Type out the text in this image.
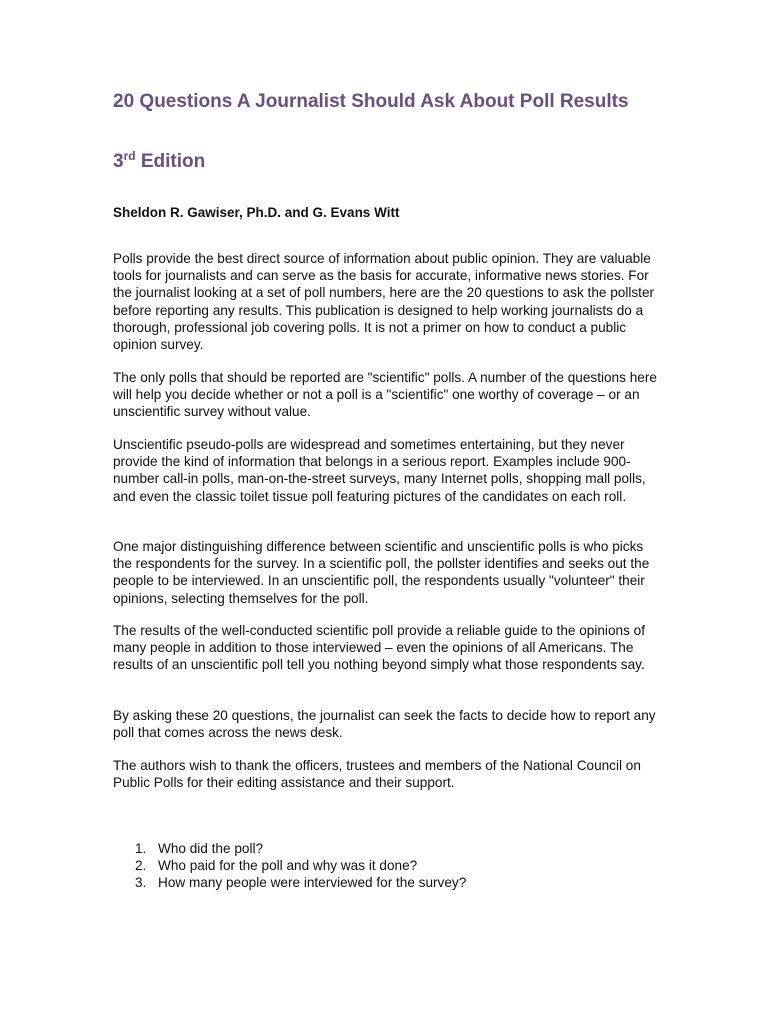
20 Questions A Journalist Should Ask About Poll Results
3rd Edition

Sheldon R. Gawiser, Ph.D. and G. Evans Witt

Polls provide the best direct source of information about public opinion. They are valuable tools for journalists and can serve as the basis for accurate, informative news stories. For the journalist looking at a set of poll numbers, here are the 20 questions to ask the pollster before reporting any results. This publication is designed to help working journalists do a thorough, professional job covering polls. It is not a primer on how to conduct a public opinion survey.

The only polls that should be reported are "scientific" polls. A number of the questions here will help you decide whether or not a poll is a "scientific" one worthy of coverage – or an unscientific survey without value.

Unscientific pseudo-polls are widespread and sometimes entertaining, but they never provide the kind of information that belongs in a serious report. Examples include 900-number call-in polls, man-on-the-street surveys, many Internet polls, shopping mall polls, and even the classic toilet tissue poll featuring pictures of the candidates on each roll.

One major distinguishing difference between scientific and unscientific polls is who picks the respondents for the survey. In a scientific poll, the pollster identifies and seeks out the people to be interviewed. In an unscientific poll, the respondents usually "volunteer" their opinions, selecting themselves for the poll.

The results of the well-conducted scientific poll provide a reliable guide to the opinions of many people in addition to those interviewed – even the opinions of all Americans. The results of an unscientific poll tell you nothing beyond simply what those respondents say.

By asking these 20 questions, the journalist can seek the facts to decide how to report any poll that comes across the news desk.

The authors wish to thank the officers, trustees and members of the National Council on Public Polls for their editing assistance and their support.

1. Who did the poll?
2. Who paid for the poll and why was it done?
3. How many people were interviewed for the survey?
